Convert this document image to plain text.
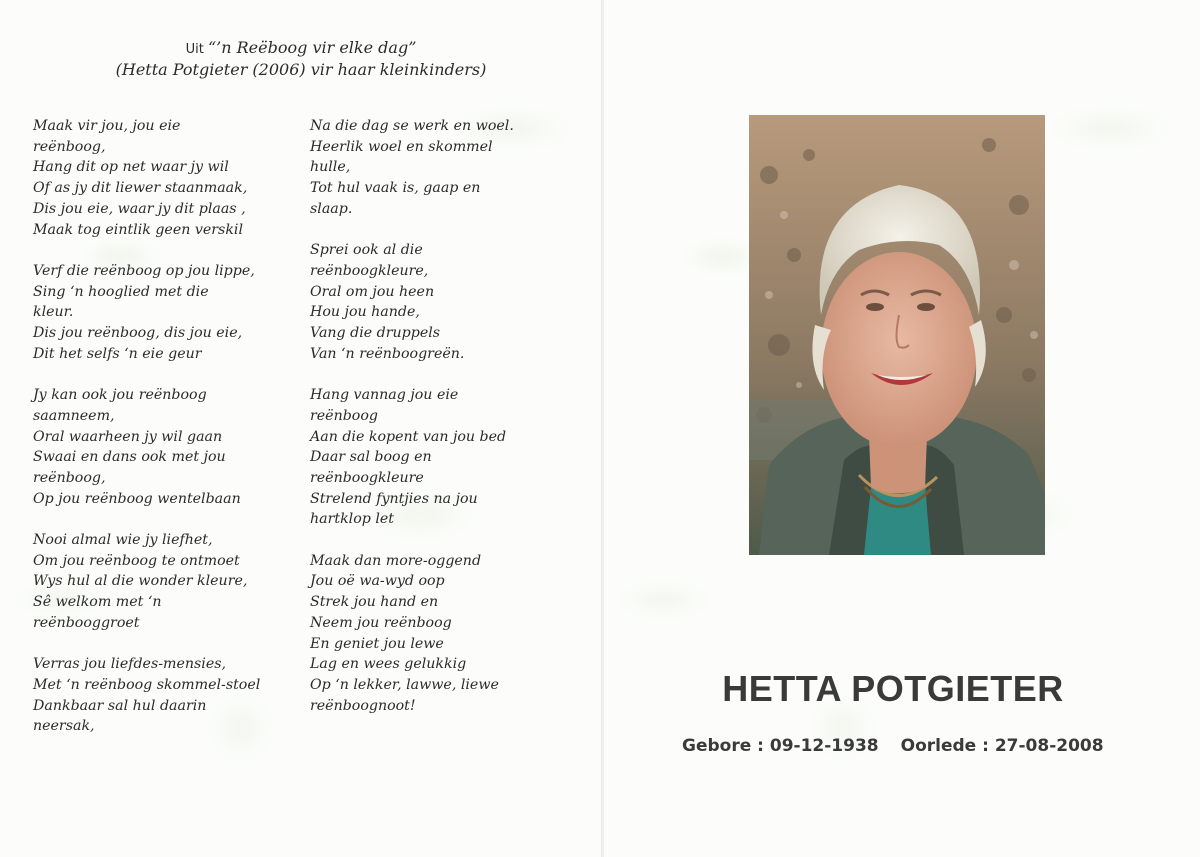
Uit “’n Reëboog vir elke dag”
(Hetta Potgieter (2006) vir haar kleinkinders)
Maak vir jou, jou eie
reënboog,
Hang dit op net waar jy wil
Of as jy dit liewer staanmaak,
Dis jou eie, waar jy dit plaas ,
Maak tog eintlik geen verskil
Verf die reënboog op jou lippe,
Sing ‘n hooglied met die
kleur.
Dis jou reënboog, dis jou eie,
Dit het selfs ‘n eie geur
Jy kan ook jou reënboog
saamneem,
Oral waarheen jy wil gaan
Swaai en dans ook met jou
reënboog,
Op jou reënboog wentelbaan
Nooi almal wie jy liefhet,
Om jou reënboog te ontmoet
Wys hul al die wonder kleure,
Sê welkom met ‘n
reënbooggroet
Verras jou liefdes-mensies,
Met ‘n reënboog skommel-stoel
Dankbaar sal hul daarin
neersak,
Na die dag se werk en woel.
Heerlik woel en skommel
hulle,
Tot hul vaak is, gaap en
slaap.
Sprei ook al die
reënboogkleure,
Oral om jou heen
Hou jou hande,
Vang die druppels
Van ‘n reënboogreën.
Hang vannag jou eie
reënboog
Aan die kopent van jou bed
Daar sal boog en
reënboogkleure
Strelend fyntjies na jou
hartklop let
Maak dan more-oggend
Jou oë wa-wyd oop
Strek jou hand en
Neem jou reënboog
En geniet jou lewe
Lag en wees gelukkig
Op ‘n lekker, lawwe, liewe
reënboognoot!	HETTA POTGIETER
Gebore : 09-12-1938 Oorlede : 27-08-2008
